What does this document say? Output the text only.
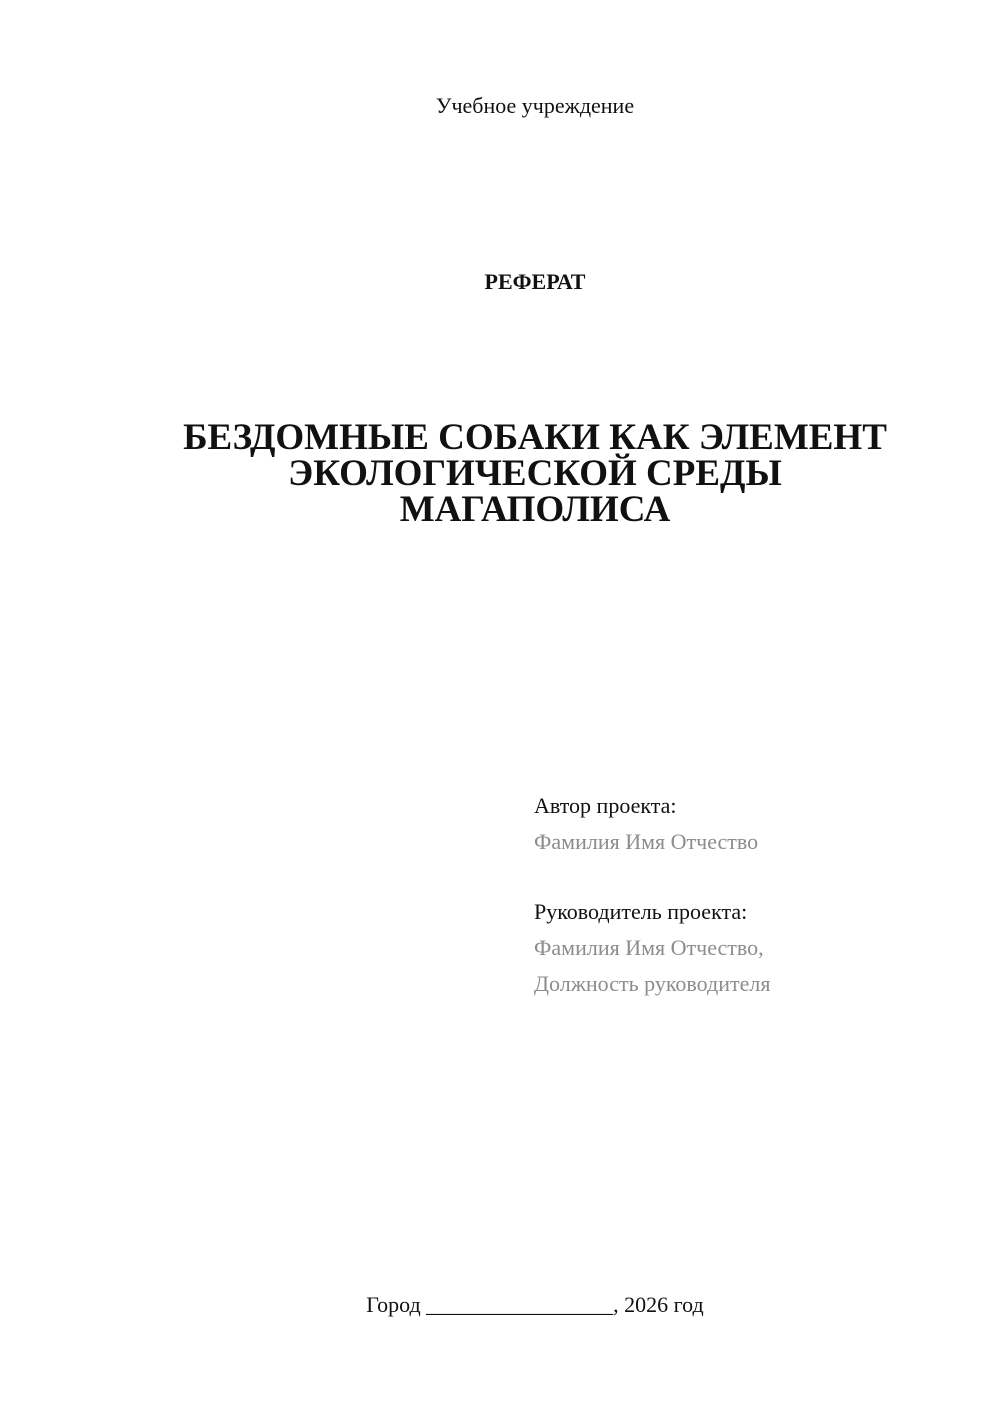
Учебное учреждение
РЕФЕРАТ
БЕЗДОМНЫЕ СОБАКИ КАК ЭЛЕМЕНТ
ЭКОЛОГИЧЕСКОЙ СРЕДЫ
МАГАПОЛИСА
Автор проекта:
Фамилия Имя Отчество
Руководитель проекта:
Фамилия Имя Отчество,
Должность руководителя
Город _________________, 2026 год
